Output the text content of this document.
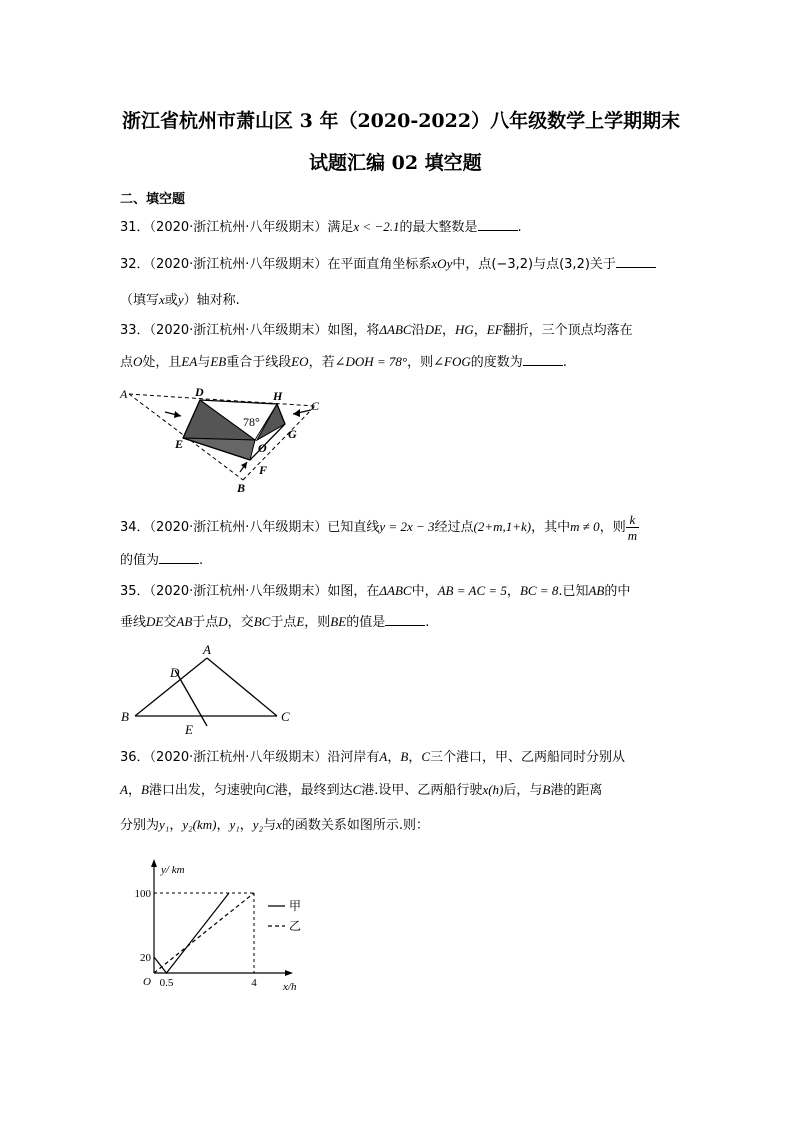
浙江省杭州市萧山区 3 年（2020-2022）八年级数学上学期期末
试题汇编 02 填空题
二、填空题
31．（2020·浙江杭州·八年级期末）满足x < −2.1的最大整数是	.
32．（2020·浙江杭州·八年级期末）在平面直角坐标系xOy中，点(−3,2)与点(3,2)关于
（填写x或y）轴对称.
33．（2020·浙江杭州·八年级期末）如图，将ΔABC沿DE，HG，EF翻折，三个顶点均落在
点O处，且EA与EB重合于线段EO，若∠DOH = 78°，则∠FOG的度数为	.
A	D	H
C
78°
E	O
G
F
B
34．（2020·浙江杭州·八年级期末）已知直线y = 2x − 3经过点(2+m,1+k)，其中m ≠ 0，则 $\frac{k}{m}$
的值为	.
35．（2020·浙江杭州·八年级期末）如图，在ΔABC中，AB = AC = 5，BC = 8.已知AB的中
垂线DE交AB于点D，交BC于点E，则BE的值是	.
A
D
B	C
E
36．（2020·浙江杭州·八年级期末）沿河岸有A，B，C三个港口，甲、乙两船同时分别从
A，B港口出发，匀速驶向C港，最终到达C港.设甲、乙两船行驶x(h)后，与B港的距离
分别为y₁，y₂(km)，y₁，y₂与x的函数关系如图所示.则：
y/ km
x/h
O
100
20
0.5	4
甲
乙
